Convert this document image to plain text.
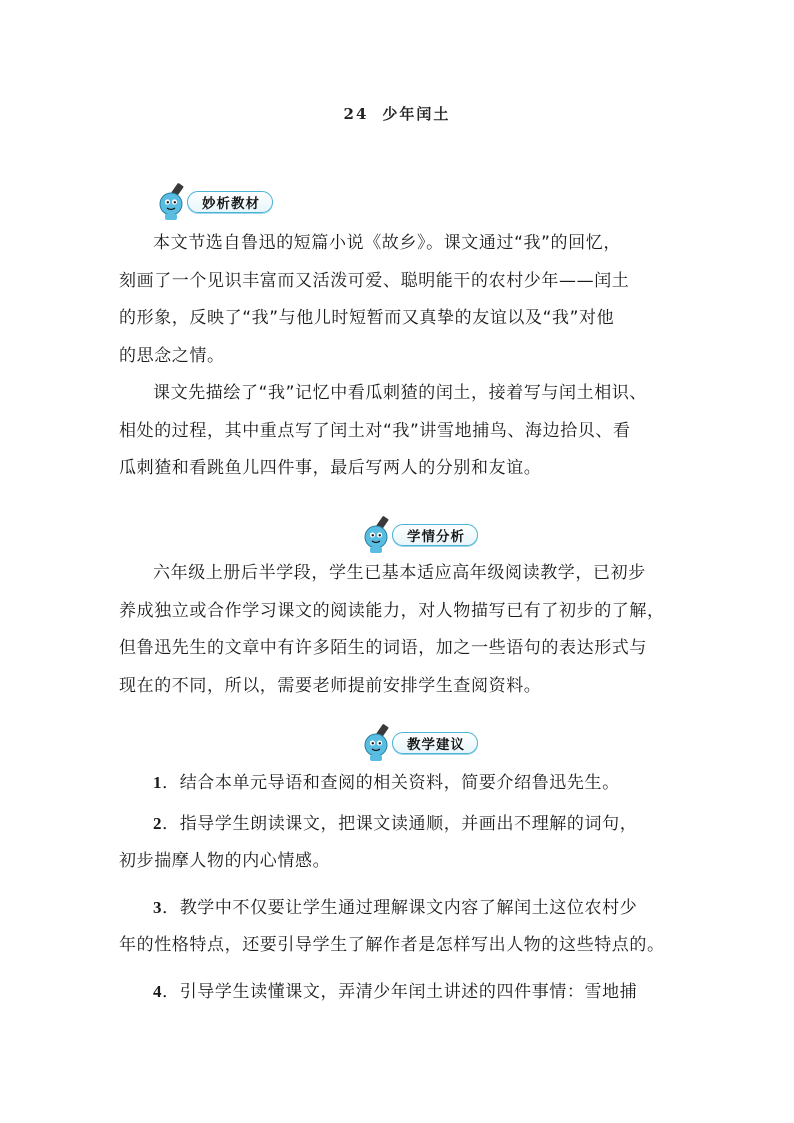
24 少年闰土
妙析教材
本文节选自鲁迅的短篇小说《故乡》。课文通过“我”的回忆，
刻画了一个见识丰富而又活泼可爱、聪明能干的农村少年——闰土
的形象，反映了“我”与他儿时短暂而又真挚的友谊以及“我”对他
的思念之情。
课文先描绘了“我”记忆中看瓜刺猹的闰土，接着写与闰土相识、
相处的过程，其中重点写了闰土对“我”讲雪地捕鸟、海边拾贝、看
瓜刺猹和看跳鱼儿四件事，最后写两人的分别和友谊。
学情分析
六年级上册后半学段，学生已基本适应高年级阅读教学，已初步
养成独立或合作学习课文的阅读能力，对人物描写已有了初步的了解，
但鲁迅先生的文章中有许多陌生的词语，加之一些语句的表达形式与
现在的不同，所以，需要老师提前安排学生查阅资料。
教学建议
1．结合本单元导语和查阅的相关资料，简要介绍鲁迅先生。
2．指导学生朗读课文，把课文读通顺，并画出不理解的词句，
初步揣摩人物的内心情感。
3．教学中不仅要让学生通过理解课文内容了解闰土这位农村少
年的性格特点，还要引导学生了解作者是怎样写出人物的这些特点的。
4．引导学生读懂课文，弄清少年闰土讲述的四件事情：雪地捕
